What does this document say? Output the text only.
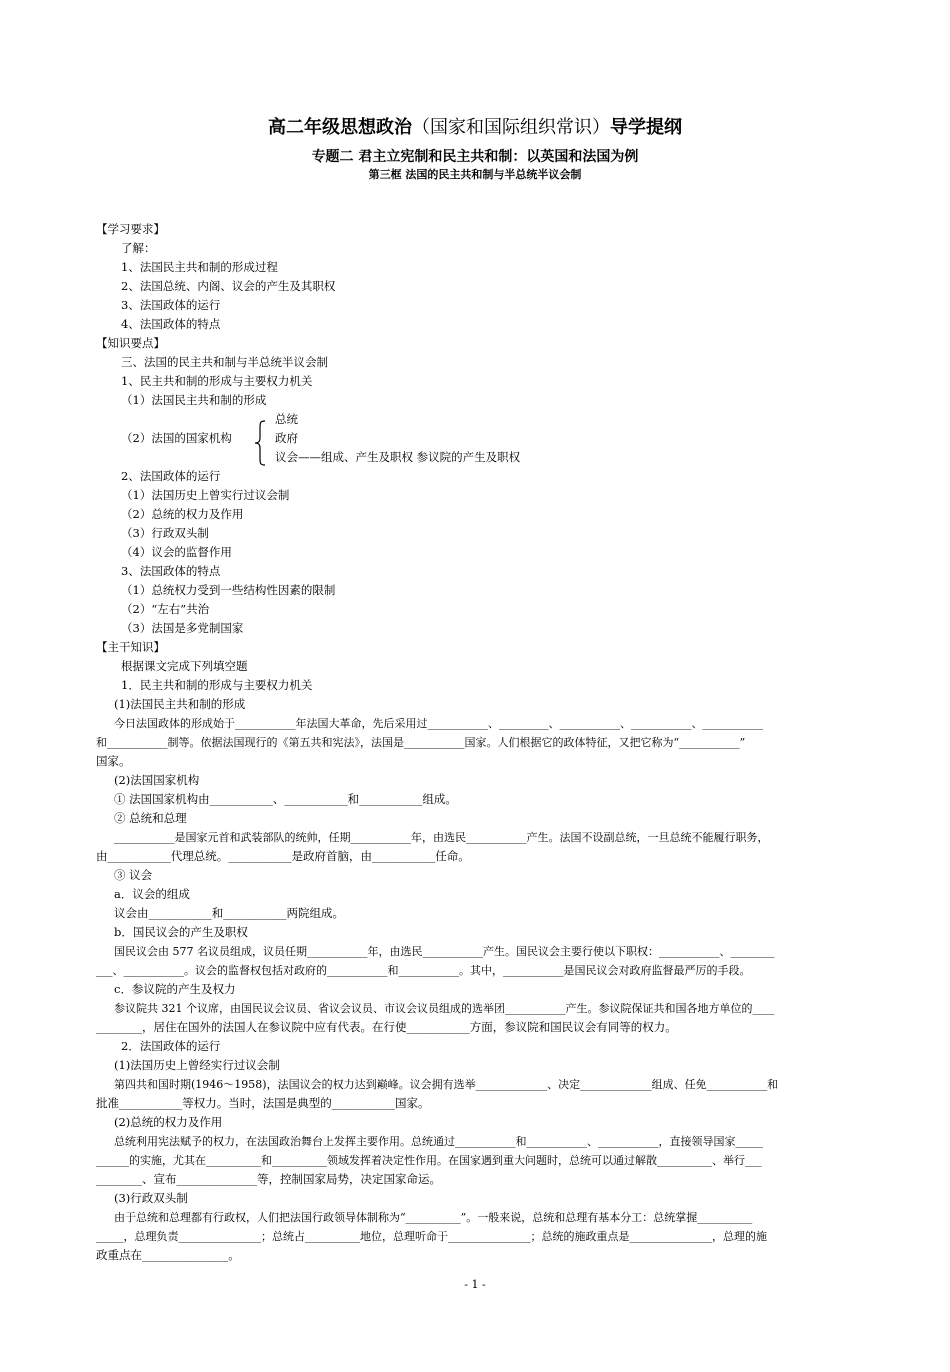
高二年级思想政治（国家和国际组织常识）导学提纲
专题二 君主立宪制和民主共和制：以英国和法国为例
第三框 法国的民主共和制与半总统半议会制
【学习要求】
了解：
1、法国民主共和制的形成过程
2、法国总统、内阁、议会的产生及其职权
3、法国政体的运行
4、法国政体的特点
【知识要点】
三、法国的民主共和制与半总统半议会制
1、民主共和制的形成与主要权力机关
（1）法国民主共和制的形成
总统
（2）法国的国家机构	政府
议会——组成、产生及职权 参议院的产生及职权
2、法国政体的运行
（1）法国历史上曾实行过议会制
（2）总统的权力及作用
（3）行政双头制
（4）议会的监督作用
3、法国政体的特点
（1）总统权力受到一些结构性因素的限制
（2）“左右”共治
（3）法国是多党制国家
【主干知识】
根据课文完成下列填空题
1．民主共和制的形成与主要权力机关
(1)法国民主共和制的形成
今日法国政体的形成始于___________年法国大革命，先后采用过___________、_________、___________、___________、___________
和___________制等。依据法国现行的《第五共和宪法》，法国是___________国家。人们根据它的政体特征，又把它称为“___________”
国家。
(2)法国国家机构
① 法国国家机构由___________、___________和___________组成。
② 总统和总理
___________是国家元首和武装部队的统帅，任期___________年，由选民___________产生。法国不设副总统，一旦总统不能履行职务，
由___________代理总统。___________是政府首脑，由___________任命。
③ 议会
a．议会的组成
议会由___________和___________两院组成。
b．国民议会的产生及职权
国民议会由 577 名议员组成，议员任期___________年，由选民___________产生。国民议会主要行使以下职权：___________、________
___、___________。议会的监督权包括对政府的___________和___________。其中，___________是国民议会对政府监督最严厉的手段。
c．参议院的产生及权力
参议院共 321 个议席，由国民议会议员、省议会议员、市议会议员组成的选举团___________产生。参议院保证共和国各地方单位的____
________，居住在国外的法国人在参议院中应有代表。在行使___________方面，参议院和国民议会有同等的权力。
2．法国政体的运行
(1)法国历史上曾经实行过议会制
第四共和国时期(1946～1958)，法国议会的权力达到巅峰。议会拥有选举_____________、决定_____________组成、任免___________和
批准___________等权力。当时，法国是典型的___________国家。
(2)总统的权力及作用
总统利用宪法赋予的权力，在法国政治舞台上发挥主要作用。总统通过___________和___________、___________，直接领导国家_____
______的实施，尤其在__________和__________领域发挥着决定性作用。在国家遇到重大问题时，总统可以通过解散__________、举行___
________、宣布______________等，控制国家局势，决定国家命运。
(3)行政双头制
由于总统和总理都有行政权，人们把法国行政领导体制称为“__________”。一般来说，总统和总理有基本分工：总统掌握__________
_____，总理负责_______________；总统占__________地位，总理听命于_______________；总统的施政重点是_______________，总理的施
政重点在_______________。
- 1 -
